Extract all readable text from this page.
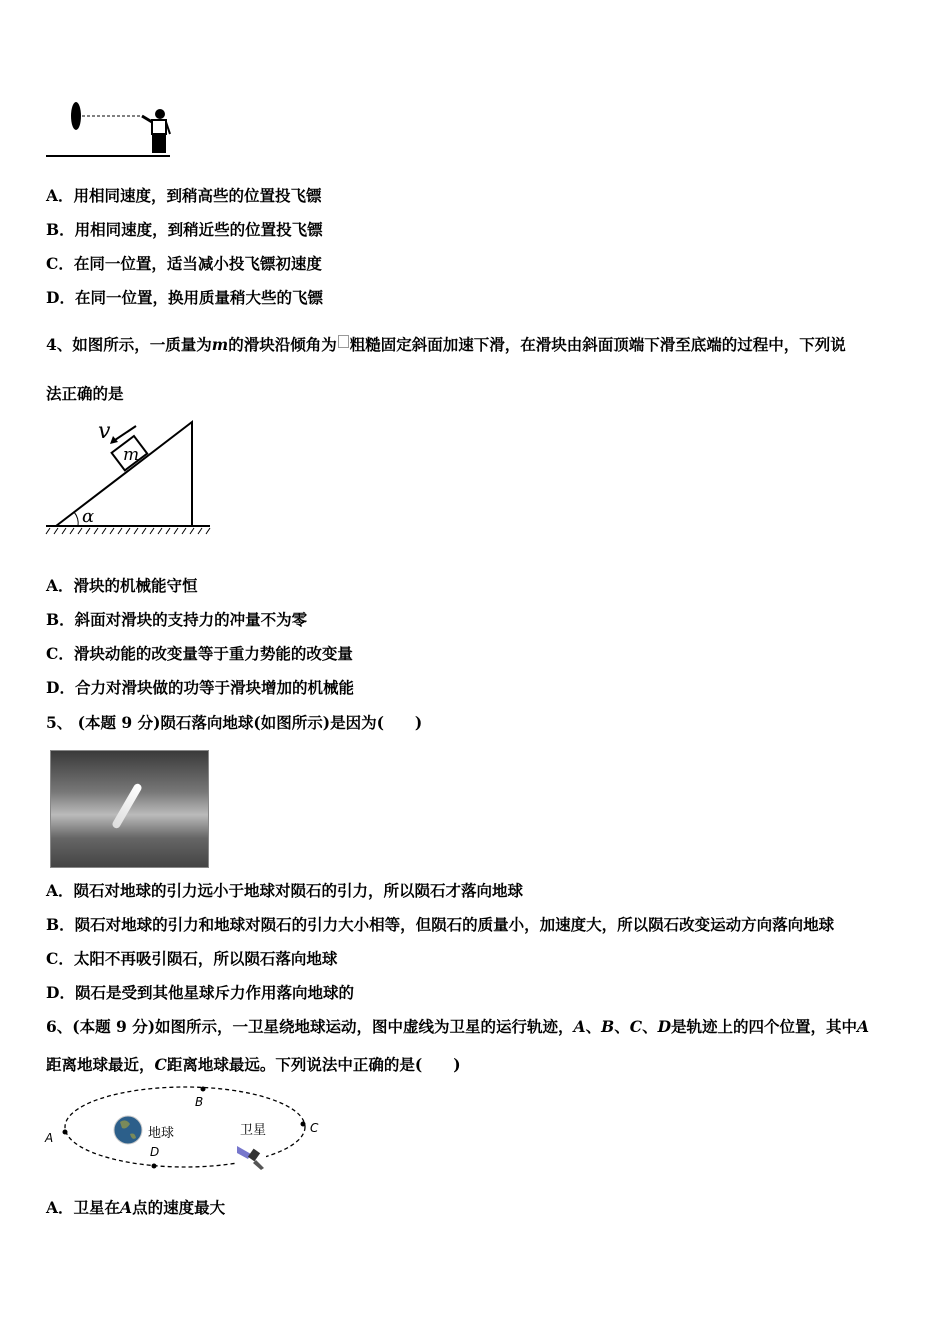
A．用相同速度，到稍高些的位置投飞镖
B．用相同速度，到稍近些的位置投飞镖
C．在同一位置，适当减小投飞镖初速度
D．在同一位置，换用质量稍大些的飞镖
4、如图所示，一质量为m的滑块沿倾角为 粗糙固定斜面加速下滑，在滑块由斜面顶端下滑至底端的过程中，下列说
法正确的是
m
v
α
A．滑块的机械能守恒
B．斜面对滑块的支持力的冲量不为零
C．滑块动能的改变量等于重力势能的改变量
D．合力对滑块做的功等于滑块增加的机械能
5、 (本题 9 分)陨石落向地球(如图所示)是因为(　　)
A．陨石对地球的引力远小于地球对陨石的引力，所以陨石才落向地球
B．陨石对地球的引力和地球对陨石的引力大小相等，但陨石的质量小，加速度大，所以陨石改变运动方向落向地球
C．太阳不再吸引陨石，所以陨石落向地球
D．陨石是受到其他星球斥力作用落向地球的
6、(本题 9 分)如图所示，一卫星绕地球运动，图中虚线为卫星的运行轨迹，A、B、C、D是轨迹上的四个位置，其中A
距离地球最近，C距离地球最远。下列说法中正确的是(　　)
A
B
C
D
地球	卫星
A．卫星在A点的速度最大
